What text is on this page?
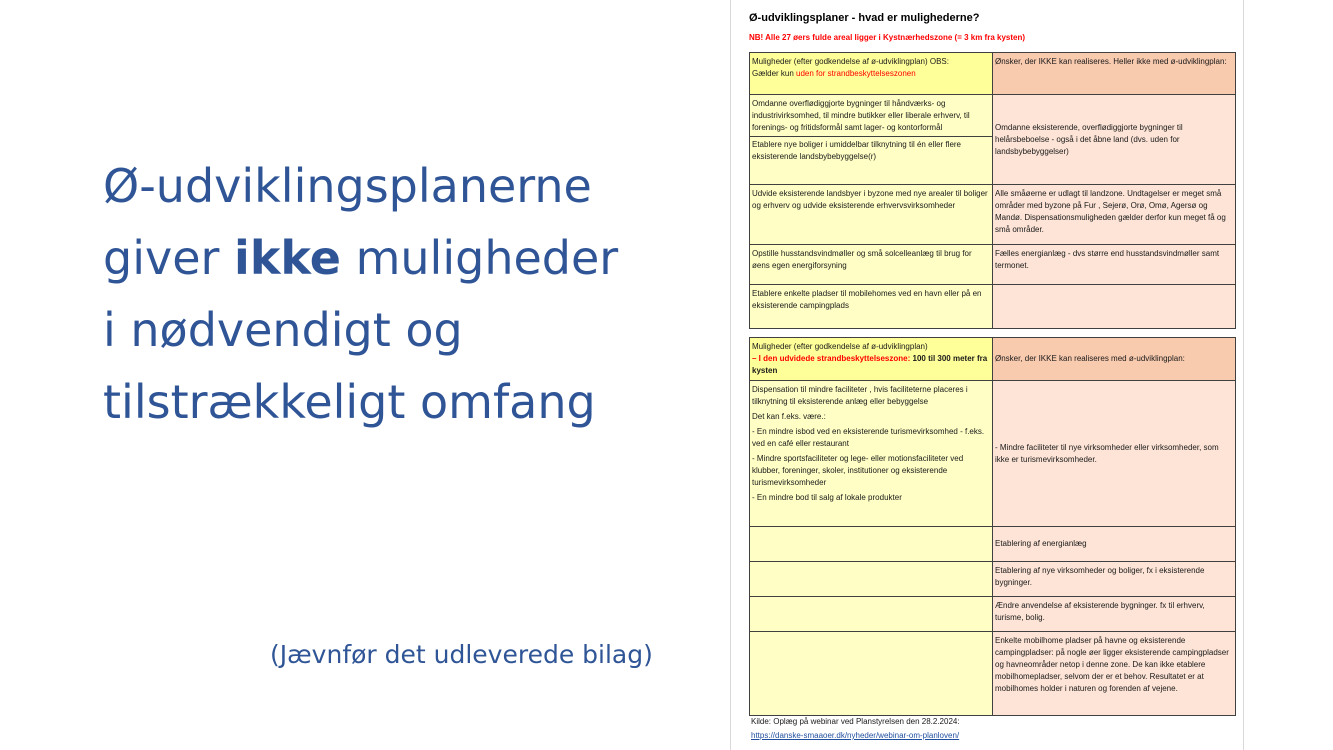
Ø-udviklingsplanerne
giver ikke muligheder
i nødvendigt og
tilstrækkeligt omfang
(Jævnfør det udleverede bilag)
Ø-udviklingsplaner - hvad er mulighederne?
NB! Alle 27 øers fulde areal ligger i Kystnærhedszone (= 3 km fra kysten)
Muligheder (efter godkendelse af ø-udviklingplan) OBS:
Gælder kun uden for strandbeskyttelseszonen	Ønsker, der IKKE kan realiseres. Heller ikke med ø-udviklingplan:
Omdanne overflødiggjorte bygninger til håndværks- og industrivirksomhed, til mindre butikker eller liberale erhverv, til forenings- og fritidsformål samt lager- og kontorformål
Etablere nye boliger i umiddelbar tilknytning til én eller flere eksisterende landsbybebyggelse(r)	Omdanne eksisterende, overflødiggjorte bygninger til helårsbeboelse - også i det åbne land (dvs. uden for landsbybebyggelser)
Udvide eksisterende landsbyer i byzone med nye arealer til boliger og erhverv og udvide eksisterende erhvervsvirksomheder	Alle småøerne er udlagt til landzone. Undtagelser er meget små områder med byzone på Fur , Sejerø, Orø, Omø, Agersø og Mandø. Dispensationsmuligheden gælder derfor kun meget få og små områder.
Opstille husstandsvindmøller og små solcelleanlæg til brug for øens egen energiforsyning	Fælles energianlæg - dvs større end husstandsvindmøller samt termonet.
Etablere enkelte pladser til mobilehomes ved en havn eller på en eksisterende campingplads	
Muligheder (efter godkendelse af ø-udviklingplan)
– I den udvidede strandbeskyttelseszone: 100 til 300 meter fra kysten	Ønsker, der IKKE kan realiseres med ø-udviklingplan:
Dispensation til mindre faciliteter , hvis faciliteterne placeres i tilknytning til eksisterende anlæg eller bebyggelse
Det kan f.eks. være.:
- En mindre isbod ved en eksisterende turismevirksomhed - f.eks. ved en café eller restaurant
- Mindre sportsfaciliteter og lege- eller motionsfaciliteter ved klubber, foreninger, skoler, institutioner og eksisterende turismevirksomheder
- En mindre bod til salg af lokale produkter	- Mindre faciliteter til nye virksomheder eller virksomheder, som ikke er turismevirksomheder.
	Etablering af energianlæg
	Etablering af nye virksomheder og boliger, fx i eksisterende bygninger.
	Ændre anvendelse af eksisterende bygninger. fx til erhverv, turisme, bolig.
	Enkelte mobilhome pladser på havne og eksisterende campingpladser: på nogle øer ligger eksisterende campingpladser og havneområder netop i denne zone. De kan ikke etablere mobilhomepladser, selvom der er et behov. Resultatet er at mobilhomes holder i naturen og forenden af vejene.
Kilde: Oplæg på webinar ved Planstyrelsen den 28.2.2024:
https://danske-smaaoer.dk/nyheder/webinar-om-planloven/
